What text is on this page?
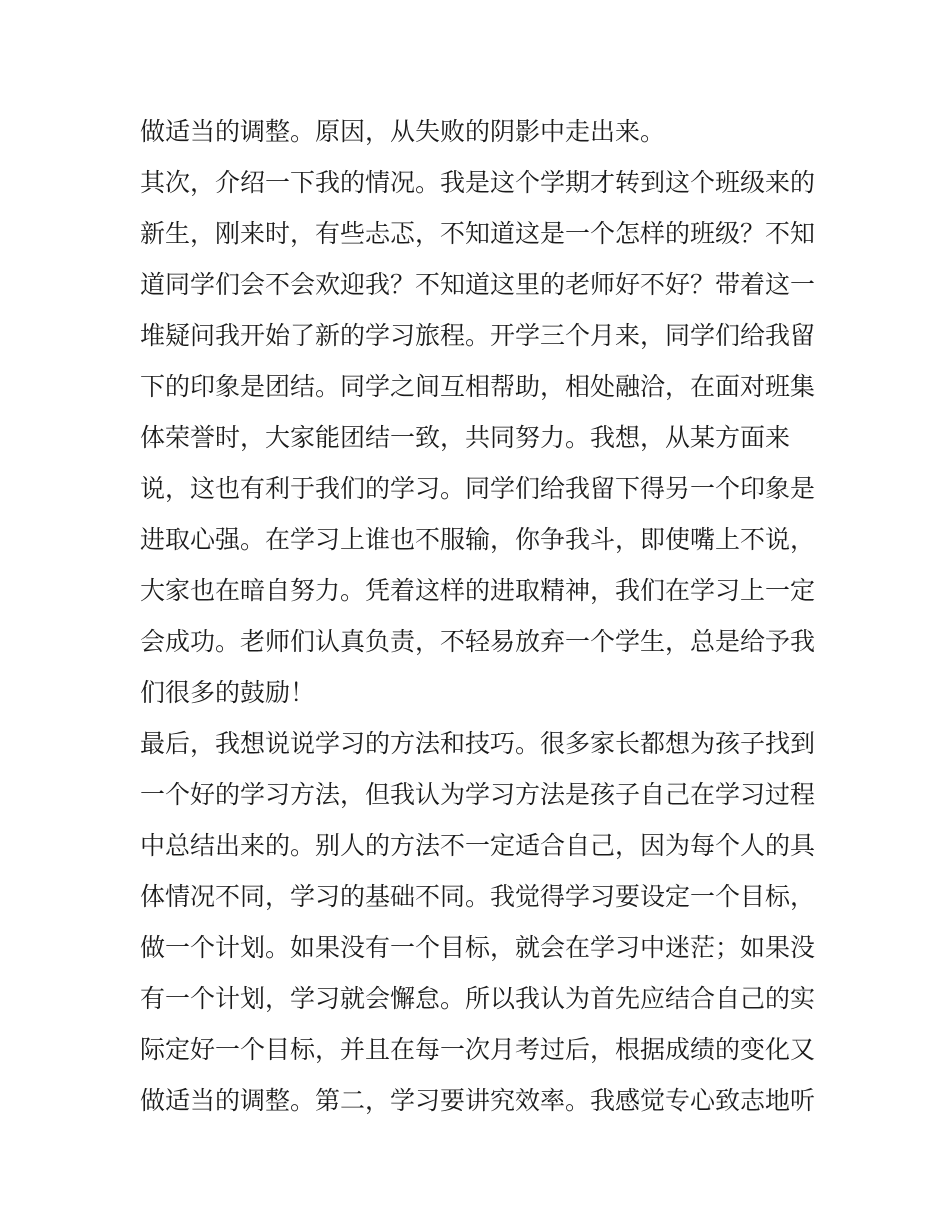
做适当的调整。原因，从失败的阴影中走出来。
其次，介绍一下我的情况。我是这个学期才转到这个班级来的
新生，刚来时，有些忐忑，不知道这是一个怎样的班级？不知
道同学们会不会欢迎我？不知道这里的老师好不好？带着这一
堆疑问我开始了新的学习旅程。开学三个月来，同学们给我留
下的印象是团结。同学之间互相帮助，相处融洽，在面对班集
体荣誉时，大家能团结一致，共同努力。我想，从某方面来
说，这也有利于我们的学习。同学们给我留下得另一个印象是
进取心强。在学习上谁也不服输，你争我斗，即使嘴上不说，
大家也在暗自努力。凭着这样的进取精神，我们在学习上一定
会成功。老师们认真负责，不轻易放弃一个学生，总是给予我
们很多的鼓励！
最后，我想说说学习的方法和技巧。很多家长都想为孩子找到
一个好的学习方法，但我认为学习方法是孩子自己在学习过程
中总结出来的。别人的方法不一定适合自己，因为每个人的具
体情况不同，学习的基础不同。我觉得学习要设定一个目标，
做一个计划。如果没有一个目标，就会在学习中迷茫；如果没
有一个计划，学习就会懈怠。所以我认为首先应结合自己的实
际定好一个目标，并且在每一次月考过后，根据成绩的变化又
做适当的调整。第二，学习要讲究效率。我感觉专心致志地听
